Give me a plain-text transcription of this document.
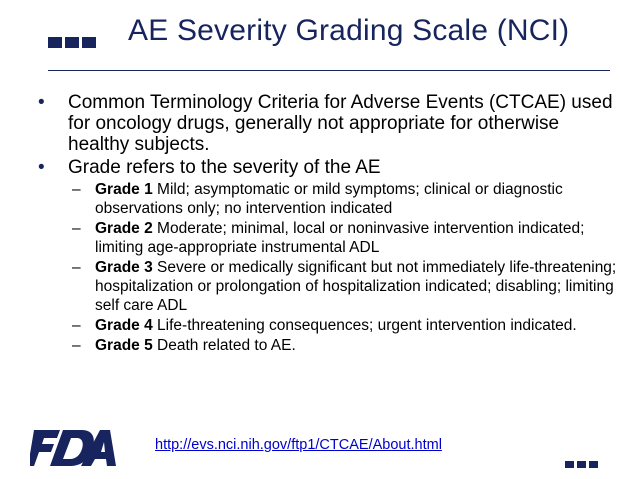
AE Severity Grading Scale (NCI)
• Common Terminology Criteria for Adverse Events (CTCAE) used for oncology drugs, generally not appropriate for otherwise healthy subjects.
• Grade refers to the severity of the AE
– Grade 1 Mild; asymptomatic or mild symptoms; clinical or diagnostic observations only; no intervention indicated
– Grade 2 Moderate; minimal, local or noninvasive intervention indicated; limiting age-appropriate instrumental ADL
– Grade 3 Severe or medically significant but not immediately life-threatening; hospitalization or prolongation of hospitalization indicated; disabling; limiting self care ADL
– Grade 4 Life-threatening consequences; urgent intervention indicated.
– Grade 5 Death related to AE.
http://evs.nci.nih.gov/ftp1/CTCAE/About.html
